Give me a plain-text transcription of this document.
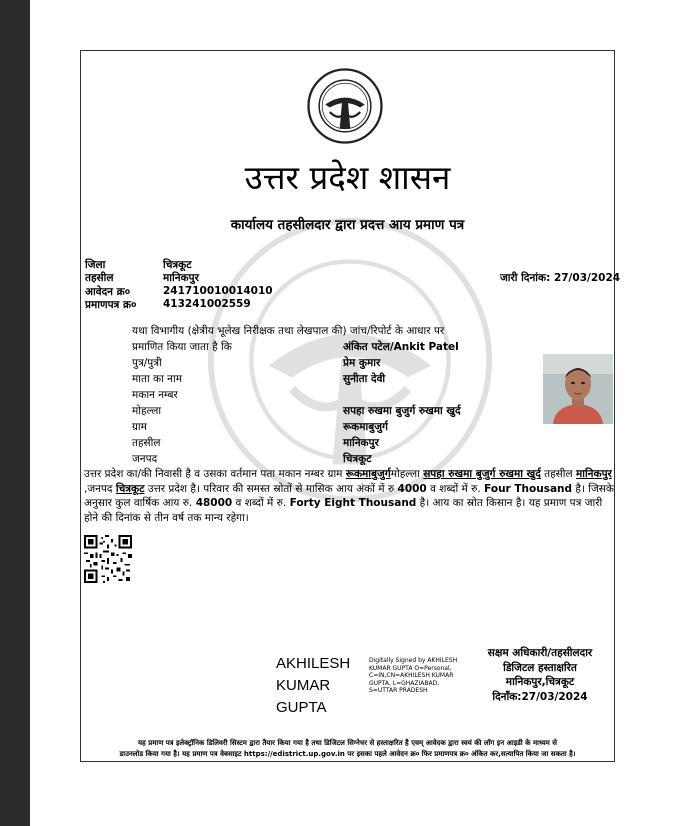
उत्तर प्रदेश शासन
कार्यालय तहसीलदार द्वारा प्रदत्त आय प्रमाण पत्र
जिला	चित्रकूट
तहसील	मानिकपुर
आवेदन क्र०	241710010014010
प्रमाणपत्र क्र०	413241002559
जारी दिनांक: 27/03/2024
यथा विभागीय (क्षेत्रीय भूलेख निरीक्षक तथा लेखपाल की) जांच/रिपोर्ट के आधार पर
प्रमाणित किया जाता है कि	अंकित पटेल/Ankit Patel
पुत्र/पुत्री	प्रेम कुमार
माता का नाम	सुनीता देवी
मकान नम्बर
मोहल्ला	सपहा रुखमा बुजुर्ग रुखमा खुर्द
ग्राम	रूकमाबुजुर्ग
तहसील	मानिकपुर
जनपद	चित्रकूट
उत्तर प्रदेश का/की निवासी है व उसका वर्तमान पता मकान नम्बर ग्राम रूकमाबुजुर्गमोहल्ला सपहा रुखमा बुजुर्ग रुखमा खुर्द तहसील मानिकपुर ,जनपद चित्रकूट उत्तर प्रदेश है। परिवार की समस्त स्रोतों से मासिक आय अंकों में रु 4000 व शब्दों में रु. Four Thousand है। जिसके अनुसार कुल वार्षिक आय रु. 48000 व शब्दों में रु. Forty Eight Thousand है। आय का स्रोत किसान है। यह प्रमाण पत्र जारी होने की दिनांक से तीन वर्ष तक मान्य रहेगा।
AKHILESH
KUMAR
GUPTA
Digitally Signed by AKHILESH KUMAR GUPTA O=Personal, C=IN,CN=AKHILESH KUMAR GUPTA, L=GHAZIABAD, S=UTTAR PRADESH
सक्षम अधिकारी/तहसीलदार
डिजिटल हस्ताक्षरित
मानिकपुर,चित्रकूट
दिनाँक:27/03/2024
यह प्रमाण पत्र इलेक्ट्रॉनिक डिलिवरी सिस्टम द्वारा तैयार किया गया है तथा डिजिटल सिग्नेचर से हस्ताक्षरित है एवम् आवेदक द्वारा स्वयं की लॉग इन आइडी के माध्यम से
डाउनलोड किया गया है। यह प्रमाण पत्र वेबसाइट https://edistrict.up.gov.in पर इसका पहले आवेदन क्र० फिर प्रमाणपत्र क्र० अंकित कर,सत्यापित किया जा सकता है।
